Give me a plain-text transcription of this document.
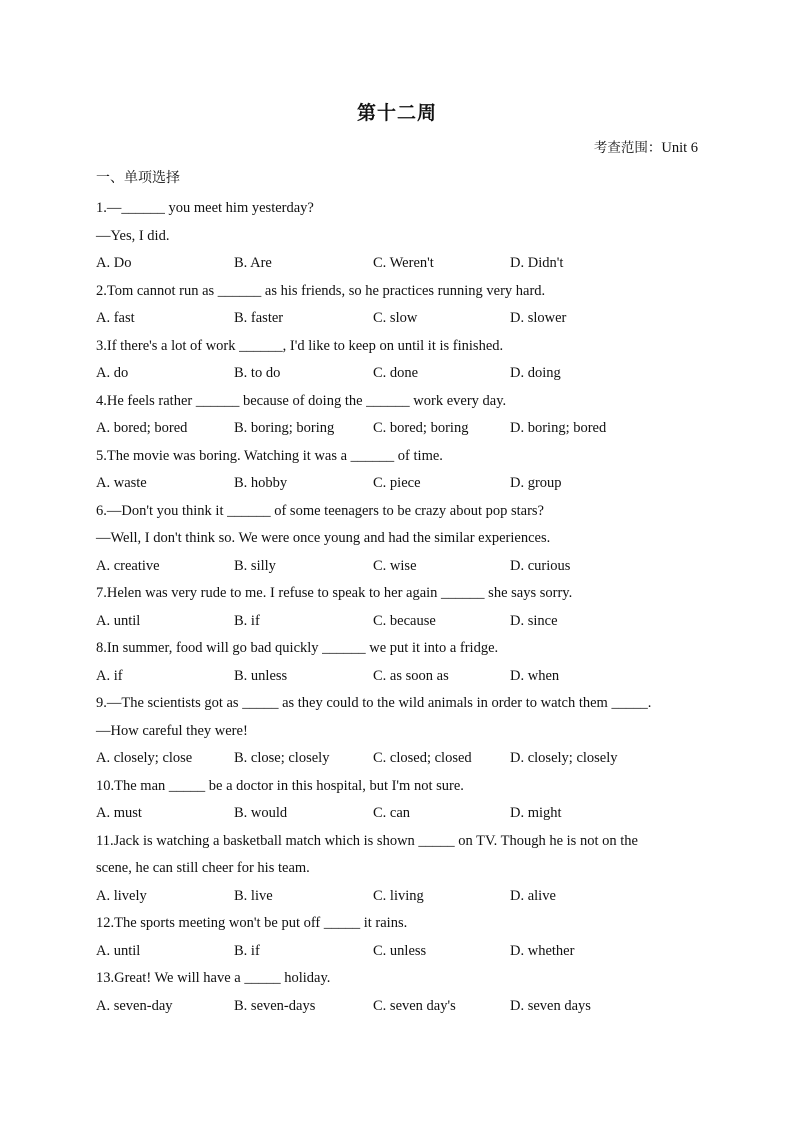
第十二周
考查范围：Unit 6
一、单项选择
1.—______ you meet him yesterday?
—Yes, I did.
A. Do	B. Are	C. Weren't	D. Didn't
2.Tom cannot run as ______ as his friends, so he practices running very hard.
A. fast	B. faster	C. slow	D. slower
3.If there's a lot of work ______, I'd like to keep on until it is finished.
A. do	B. to do	C. done	D. doing
4.He feels rather ______ because of doing the ______ work every day.
A. bored; bored	B. boring; boring	C. bored; boring	D. boring; bored
5.The movie was boring. Watching it was a ______ of time.
A. waste	B. hobby	C. piece	D. group
6.—Don't you think it ______ of some teenagers to be crazy about pop stars?
—Well, I don't think so. We were once young and had the similar experiences.
A. creative	B. silly	C. wise	D. curious
7.Helen was very rude to me. I refuse to speak to her again ______ she says sorry.
A. until	B. if	C. because	D. since
8.In summer, food will go bad quickly ______ we put it into a fridge.
A. if	B. unless	C. as soon as	D. when
9.—The scientists got as _____ as they could to the wild animals in order to watch them _____.
—How careful they were!
A. closely; close	B. close; closely	C. closed; closed	D. closely; closely
10.The man _____ be a doctor in this hospital, but I'm not sure.
A. must	B. would	C. can	D. might
11.Jack is watching a basketball match which is shown _____ on TV. Though he is not on the
scene, he can still cheer for his team.
A. lively	B. live	C. living	D. alive
12.The sports meeting won't be put off _____ it rains.
A. until	B. if	C. unless	D. whether
13.Great! We will have a _____ holiday.
A. seven-day	B. seven-days	C. seven day's	D. seven days
